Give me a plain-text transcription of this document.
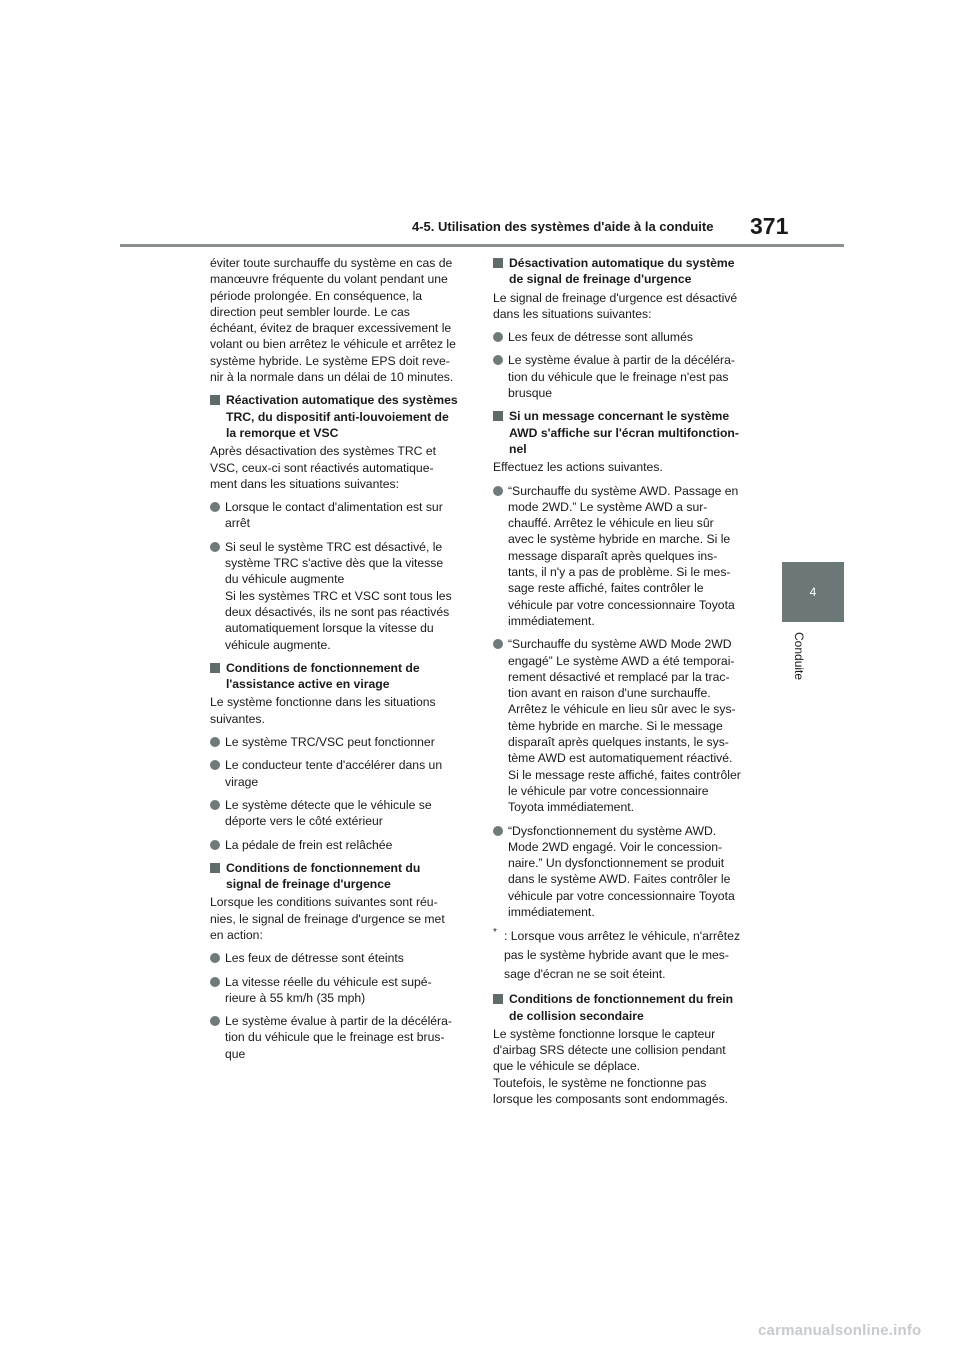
4-5. Utilisation des systèmes d'aide à la conduite 371
4
Conduite

éviter toute surchauffe du système en cas de
manœuvre fréquente du volant pendant une
période prolongée. En conséquence, la
direction peut sembler lourde. Le cas
échéant, évitez de braquer excessivement le
volant ou bien arrêtez le véhicule et arrêtez le
système hybride. Le système EPS doit reve-
nir à la normale dans un délai de 10 minutes.

Réactivation automatique des systèmes
TRC, du dispositif anti-louvoiement de
la remorque et VSC

Après désactivation des systèmes TRC et
VSC, ceux-ci sont réactivés automatique-
ment dans les situations suivantes:

Lorsque le contact d'alimentation est sur
arrêt
Si seul le système TRC est désactivé, le
système TRC s'active dès que la vitesse
du véhicule augmente
Si les systèmes TRC et VSC sont tous les
deux désactivés, ils ne sont pas réactivés
automatiquement lorsque la vitesse du
véhicule augmente.
Conditions de fonctionnement de
l'assistance active en virage

Le système fonctionne dans les situations
suivantes.

Le système TRC/VSC peut fonctionner
Le conducteur tente d'accélérer dans un
virage
Le système détecte que le véhicule se
déporte vers le côté extérieur
La pédale de frein est relâchée
Conditions de fonctionnement du
signal de freinage d'urgence

Lorsque les conditions suivantes sont réu-
nies, le signal de freinage d'urgence se met
en action:

Les feux de détresse sont éteints
La vitesse réelle du véhicule est supé-
rieure à 55 km/h (35 mph)
Le système évalue à partir de la décéléra-
tion du véhicule que le freinage est brus-
que
Désactivation automatique du système
de signal de freinage d'urgence

Le signal de freinage d'urgence est désactivé
dans les situations suivantes:

Les feux de détresse sont allumés
Le système évalue à partir de la décéléra-
tion du véhicule que le freinage n'est pas
brusque
Si un message concernant le système
AWD s'affiche sur l'écran multifonction-
nel

Effectuez les actions suivantes.

“Surchauffe du système AWD. Passage en
mode 2WD.” Le système AWD a sur-
chauffé. Arrêtez le véhicule en lieu sûr
avec le système hybride en marche. Si le
message disparaît après quelques ins-
tants, il n'y a pas de problème. Si le mes-
sage reste affiché, faites contrôler le
véhicule par votre concessionnaire Toyota
immédiatement.
“Surchauffe du système AWD Mode 2WD
engagé” Le système AWD a été temporai-
rement désactivé et remplacé par la trac-
tion avant en raison d'une surchauffe.
Arrêtez le véhicule en lieu sûr avec le sys-
tème hybride en marche. Si le message
disparaît après quelques instants, le sys-
tème AWD est automatiquement réactivé.
Si le message reste affiché, faites contrôler
le véhicule par votre concessionnaire
Toyota immédiatement.
“Dysfonctionnement du système AWD.
Mode 2WD engagé. Voir le concession-
naire.” Un dysfonctionnement se produit
dans le système AWD. Faites contrôler le
véhicule par votre concessionnaire Toyota
immédiatement.
* : Lorsque vous arrêtez le véhicule, n'arrêtez
pas le système hybride avant que le mes-
sage d'écran ne se soit éteint.
Conditions de fonctionnement du frein
de collision secondaire

Le système fonctionne lorsque le capteur
d'airbag SRS détecte une collision pendant
que le véhicule se déplace.
Toutefois, le système ne fonctionne pas
lorsque les composants sont endommagés.

carmanualsonline.info
